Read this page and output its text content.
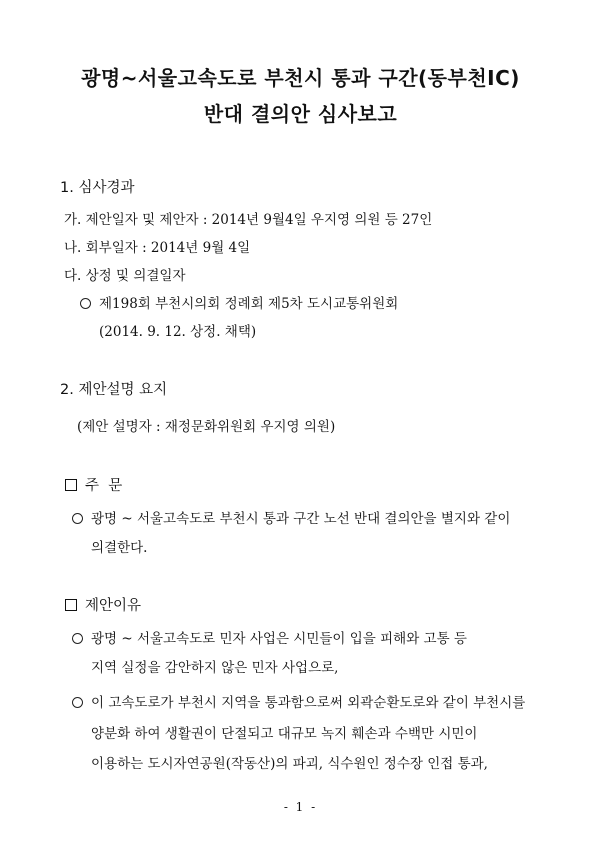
광명~서울고속도로 부천시 통과 구간(동부천IC)
반대 결의안 심사보고
1. 심사경과
가. 제안일자 및 제안자 : 2014년 9월4일 우지영 의원 등 27인
나. 회부일자 : 2014년 9월 4일
다. 상정 및 의결일자
제198회 부천시의회 정례회 제5차 도시교통위원회
(2014. 9. 12. 상정. 채택)
2. 제안설명 요지
(제안 설명자 : 재정문화위원회 우지영 의원)
주  문
광명 ~ 서울고속도로 부천시 통과 구간 노선 반대 결의안을 별지와 같이
의결한다.
제안이유
광명 ~ 서울고속도로 민자 사업은 시민들이 입을 피해와 고통 등
지역 실정을 감안하지 않은 민자 사업으로,
이 고속도로가 부천시 지역을 통과함으로써 외곽순환도로와 같이 부천시를
양분화 하여 생활권이 단절되고 대규모 녹지 훼손과 수백만 시민이
이용하는 도시자연공원(작동산)의 파괴, 식수원인 정수장 인접 통과,
- 1 -
